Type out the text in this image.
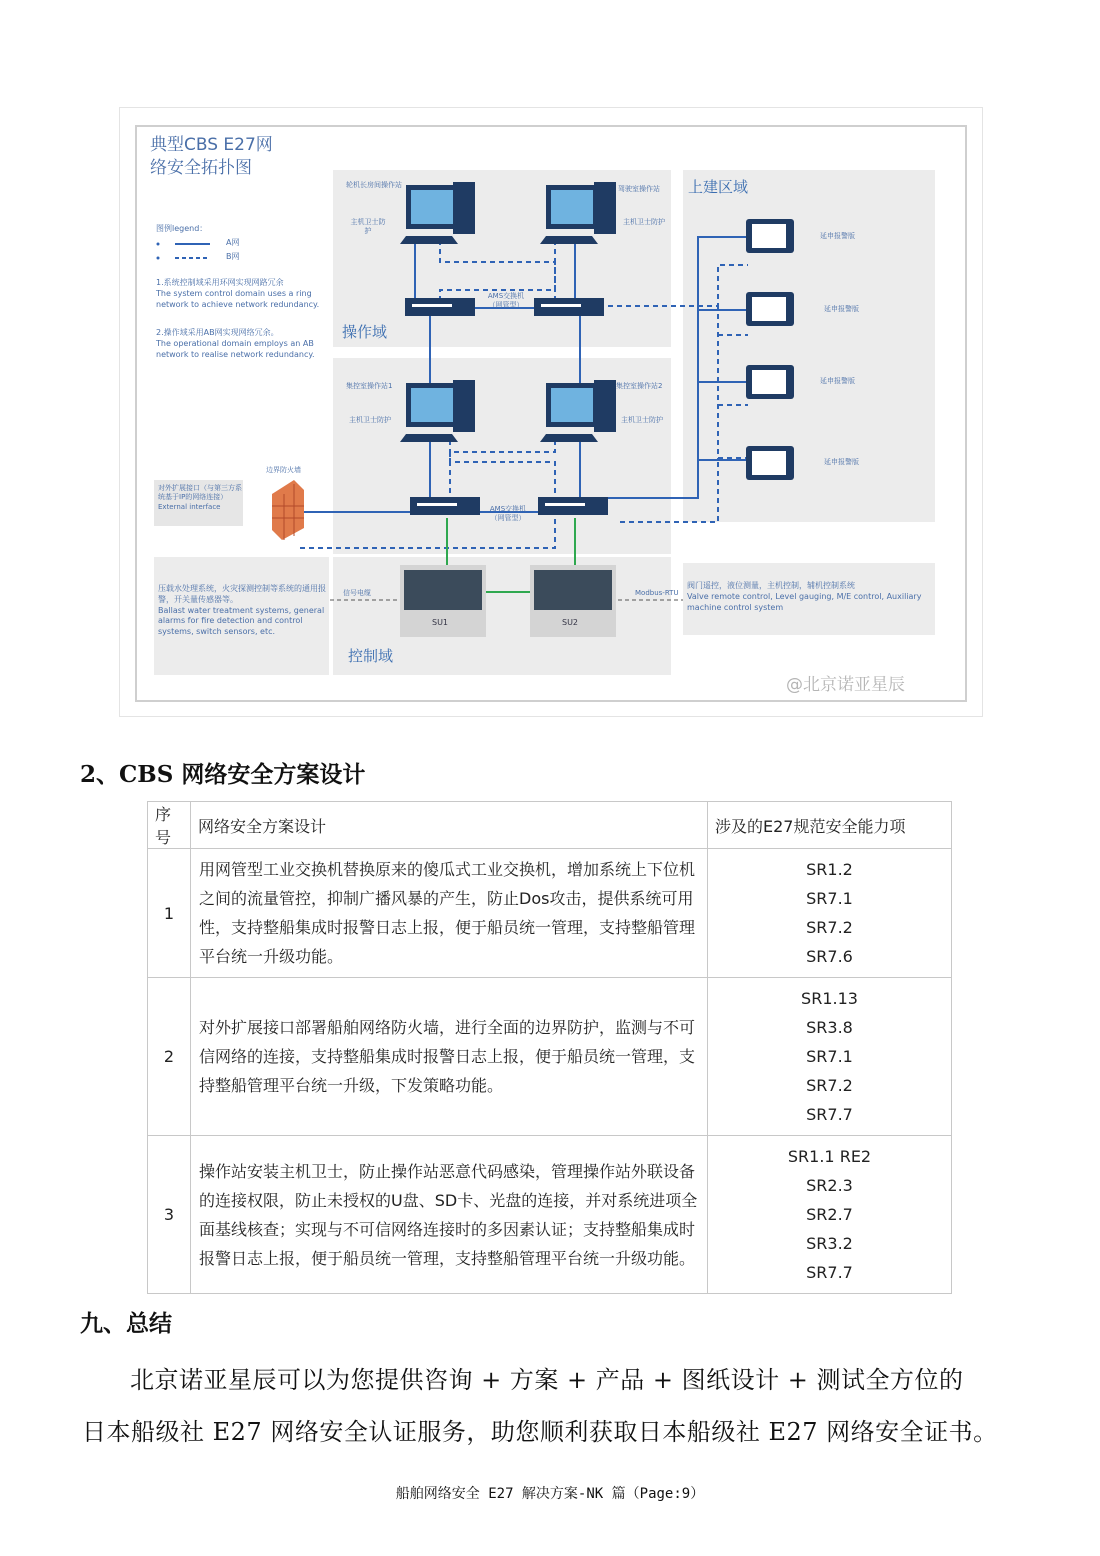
典型CBS E27网
络安全拓扑图
图例legend：
A网
B网
1.系统控制域采用环网实现网路冗余
The system control domain uses a ring network to achieve network redundancy.
2.操作域采用AB网实现网络冗余。
The operational domain employs an AB network to realise network redundancy.
轮机长房间操作站
主机卫士防护
驾驶室操作站
主机卫士防护
AMS交换机（网管型）
操作域
上建区域
集控室操作站1
主机卫士防护
集控室操作站2
主机卫士防护
AMS交换机（网管型）
延申报警版
延申报警版
延申报警版
延申报警版
边界防火墙
对外扩展接口（与第三方系统基于IP的网络连接）
External interface
压载水处理系统，火灾探测控制等系统的通用报警，开关量传感器等。
Ballast water treatment systems, general alarms for fire detection and control systems, switch sensors, etc.
信号电缆	Modbus-RTU
SU1	SU2
控制域
阀门遥控，液位测量，主机控制，辅机控制系统
Valve remote control, Level gauging, M/E control, Auxiliary machine control system
@北京诺亚星辰
2、CBS 网络安全方案设计
序号	网络安全方案设计	涉及的E27规范安全能力项
1	用网管型工业交换机替换原来的傻瓜式工业交换机，增加系统上下位机之间的流量管控，抑制广播风暴的产生，防止Dos攻击，提供系统可用性，支持整船集成时报警日志上报，便于船员统一管理，支持整船管理平台统一升级功能。	SR1.2
SR7.1
SR7.2
SR7.6

2	对外扩展接口部署船舶网络防火墙，进行全面的边界防护，监测与不可信网络的连接，支持整船集成时报警日志上报，便于船员统一管理，支持整船管理平台统一升级，下发策略功能。	SR1.13
SR3.8
SR7.1
SR7.2
SR7.7

3	操作站安装主机卫士，防止操作站恶意代码感染，管理操作站外联设备的连接权限，防止未授权的U盘、SD卡、光盘的连接，并对系统进项全面基线核查；实现与不可信网络连接时的多因素认证；支持整船集成时报警日志上报，便于船员统一管理，支持整船管理平台统一升级功能。	SR1.1 RE2
SR2.3
SR2.7
SR3.2
SR7.7
九、总结
北京诺亚星辰可以为您提供咨询 + 方案 + 产品 + 图纸设计 + 测试全方位的
日本船级社 E27 网络安全认证服务，助您顺利获取日本船级社 E27 网络安全证书。
船舶网络安全 E27 解决方案-NK 篇（Page:9）
